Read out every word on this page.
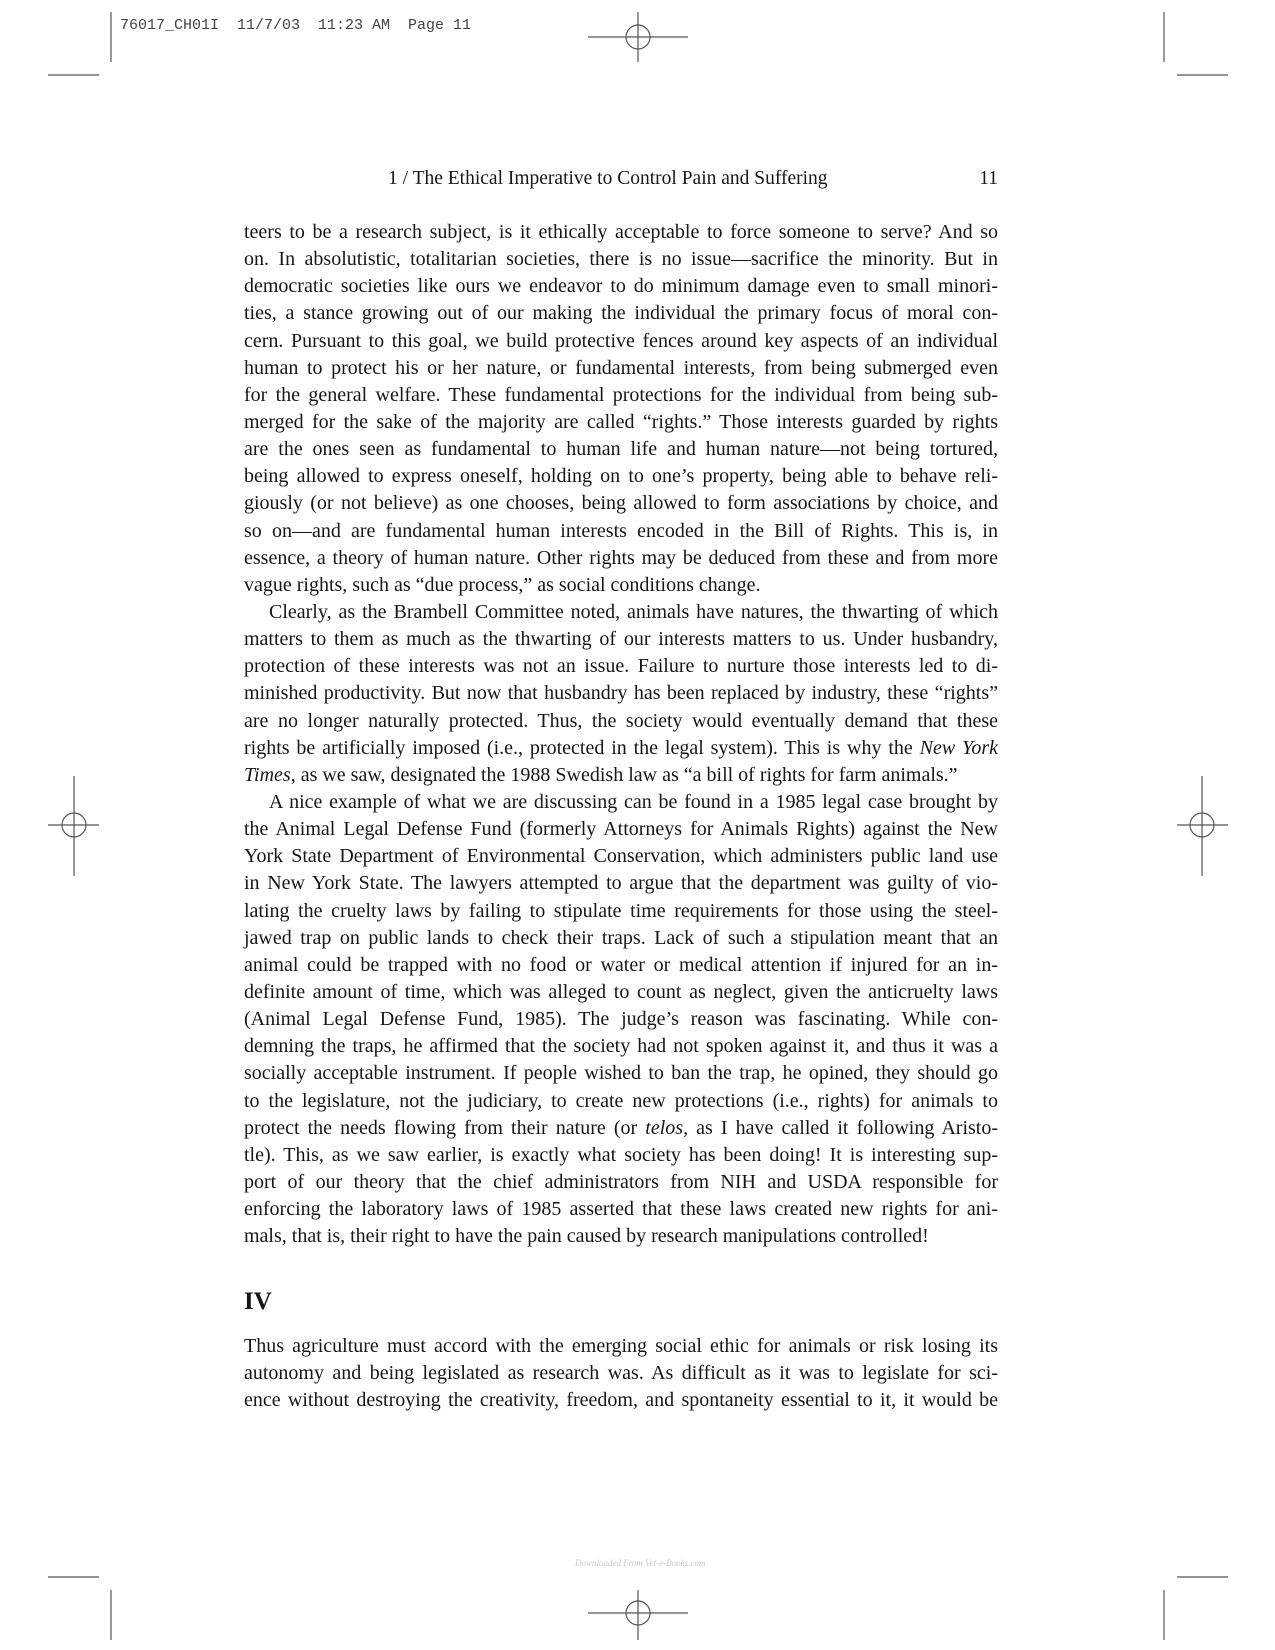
76017_CH01I  11/7/03  11:23 AM  Page 11
1 / The Ethical Imperative to Control Pain and Suffering	11
teers to be a research subject, is it ethically acceptable to force someone to serve? And so
on. In absolutistic, totalitarian societies, there is no issue—sacrifice the minority. But in
democratic societies like ours we endeavor to do minimum damage even to small minori-
ties, a stance growing out of our making the individual the primary focus of moral con-
cern. Pursuant to this goal, we build protective fences around key aspects of an individual
human to protect his or her nature, or fundamental interests, from being submerged even
for the general welfare. These fundamental protections for the individual from being sub-
merged for the sake of the majority are called “rights.” Those interests guarded by rights
are the ones seen as fundamental to human life and human nature—not being tortured,
being allowed to express oneself, holding on to one’s property, being able to behave reli-
giously (or not believe) as one chooses, being allowed to form associations by choice, and
so on—and are fundamental human interests encoded in the Bill of Rights. This is, in
essence, a theory of human nature. Other rights may be deduced from these and from more
vague rights, such as “due process,” as social conditions change.
Clearly, as the Brambell Committee noted, animals have natures, the thwarting of which
matters to them as much as the thwarting of our interests matters to us. Under husbandry,
protection of these interests was not an issue. Failure to nurture those interests led to di-
minished productivity. But now that husbandry has been replaced by industry, these “rights”
are no longer naturally protected. Thus, the society would eventually demand that these
rights be artificially imposed (i.e., protected in the legal system). This is why the New York
Times, as we saw, designated the 1988 Swedish law as “a bill of rights for farm animals.”
A nice example of what we are discussing can be found in a 1985 legal case brought by
the Animal Legal Defense Fund (formerly Attorneys for Animals Rights) against the New
York State Department of Environmental Conservation, which administers public land use
in New York State. The lawyers attempted to argue that the department was guilty of vio-
lating the cruelty laws by failing to stipulate time requirements for those using the steel-
jawed trap on public lands to check their traps. Lack of such a stipulation meant that an
animal could be trapped with no food or water or medical attention if injured for an in-
definite amount of time, which was alleged to count as neglect, given the anticruelty laws
(Animal Legal Defense Fund, 1985). The judge’s reason was fascinating. While con-
demning the traps, he affirmed that the society had not spoken against it, and thus it was a
socially acceptable instrument. If people wished to ban the trap, he opined, they should go
to the legislature, not the judiciary, to create new protections (i.e., rights) for animals to
protect the needs flowing from their nature (or telos, as I have called it following Aristo-
tle). This, as we saw earlier, is exactly what society has been doing! It is interesting sup-
port of our theory that the chief administrators from NIH and USDA responsible for
enforcing the laboratory laws of 1985 asserted that these laws created new rights for ani-
mals, that is, their right to have the pain caused by research manipulations controlled!
IV
Thus agriculture must accord with the emerging social ethic for animals or risk losing its
autonomy and being legislated as research was. As difficult as it was to legislate for sci-
ence without destroying the creativity, freedom, and spontaneity essential to it, it would be
Downloaded From Vet-e-Books.com
